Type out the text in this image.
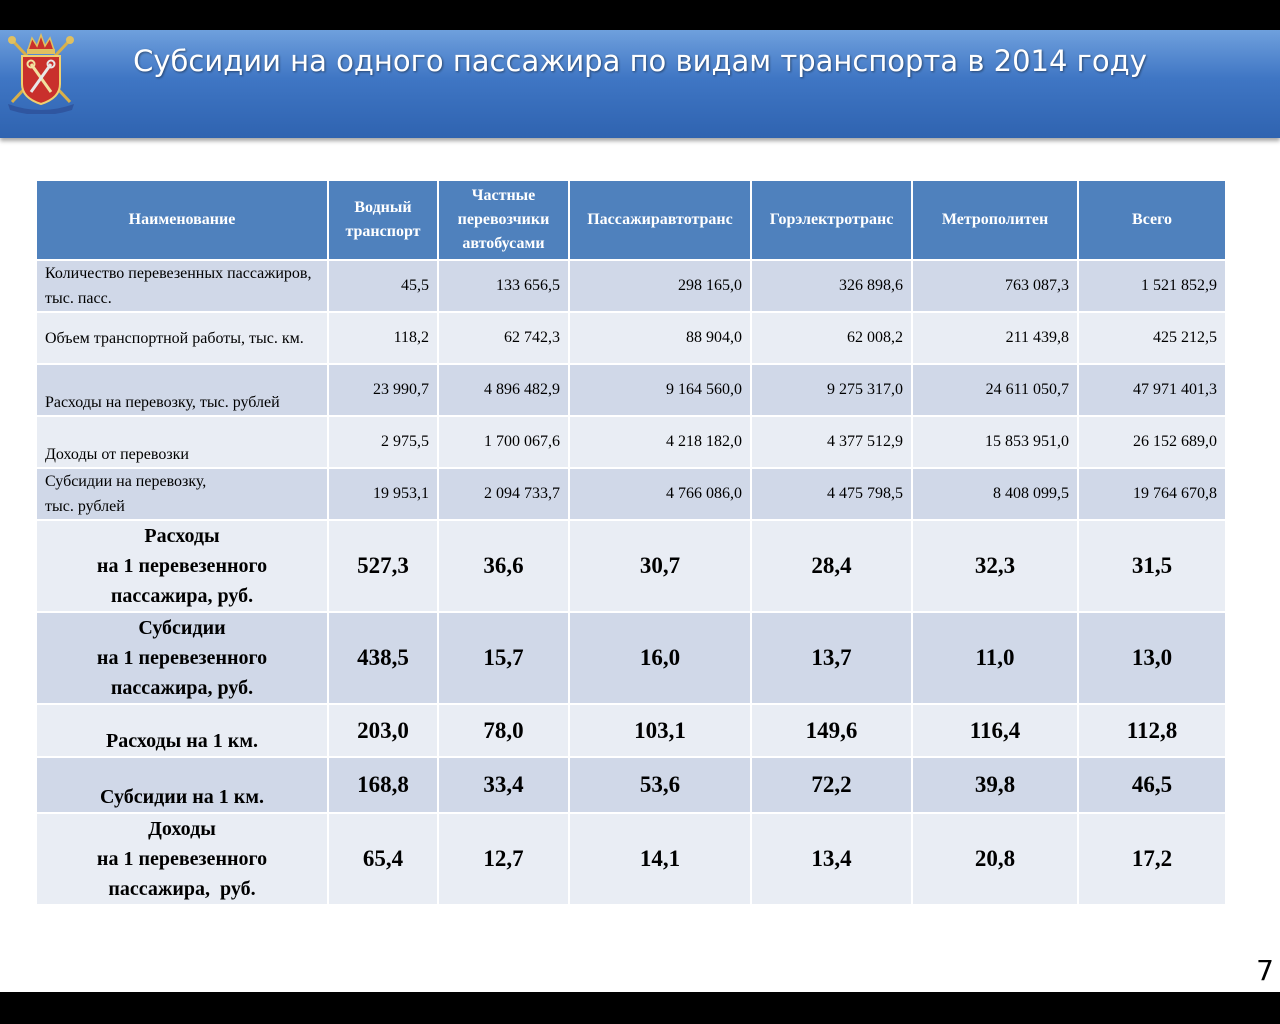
Субсидии на одного пассажира по видам транспорта в 2014 году
Наименование	Водный транспорт	Частные перевозчики автобусами	Пассажиравтотранс	Горэлектротранс	Метрополитен	Всего
Количество перевезенных пассажиров, тыс. пасс.	45,5	133 656,5	298 165,0	326 898,6	763 087,3	1 521 852,9
Объем транспортной работы, тыс. км.	118,2	62 742,3	88 904,0	62 008,2	211 439,8	425 212,5
Расходы на перевозку, тыс. рублей	23 990,7	4 896 482,9	9 164 560,0	9 275 317,0	24 611 050,7	47 971 401,3
Доходы от перевозки	2 975,5	1 700 067,6	4 218 182,0	4 377 512,9	15 853 951,0	26 152 689,0

Субсидии на перевозку,
тыс. рублей	19 953,1	2 094 733,7	4 766 086,0	4 475 798,5	8 408 099,5	19 764 670,8

Расходы
на 1 перевезенного
пассажира, руб.	527,3	36,6	30,7	28,4	32,3	31,5

Субсидии
на 1 перевезенного
пассажира, руб.	438,5	15,7	16,0	13,7	11,0	13,0
Расходы на 1 км.	203,0	78,0	103,1	149,6	116,4	112,8
Субсидии на 1 км.	168,8	33,4	53,6	72,2	39,8	46,5

Доходы
на 1 перевезенного
пассажира,  руб.	65,4	12,7	14,1	13,4	20,8	17,2
7
